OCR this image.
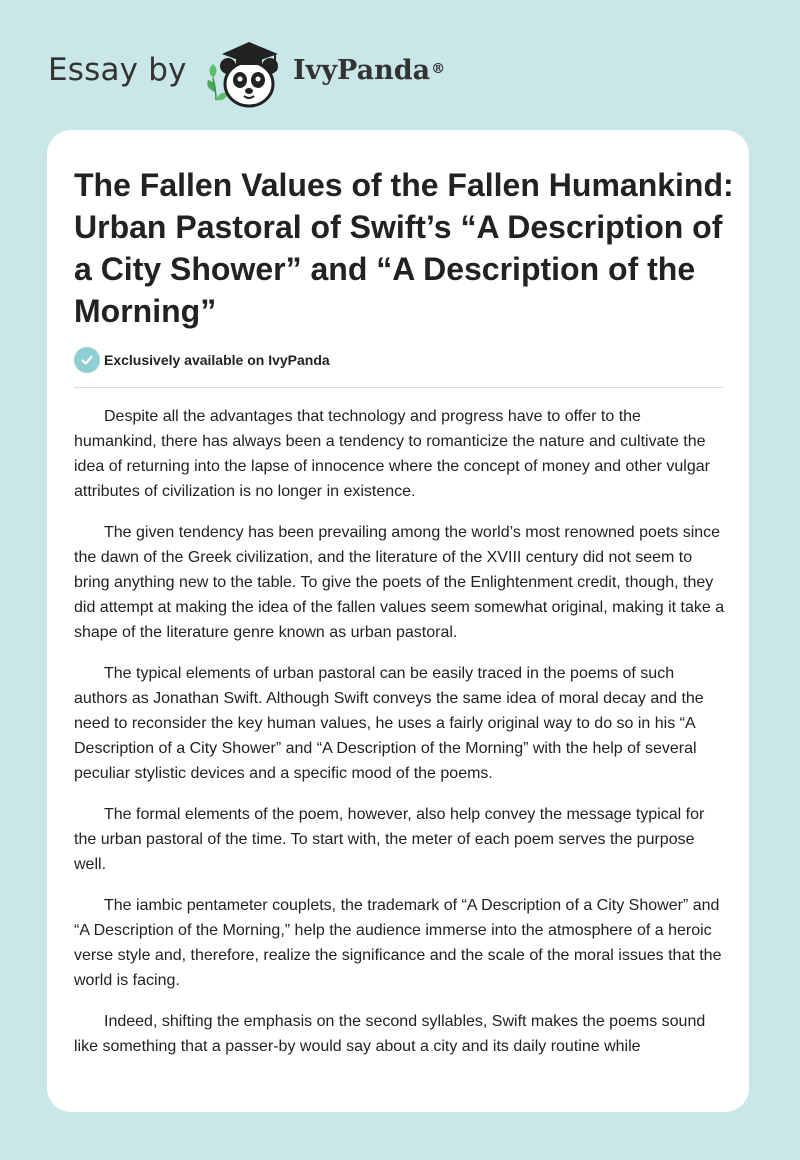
Essay by	IvyPanda®
The Fallen Values of the Fallen Humankind: Urban Pastoral of Swift’s “A Description of a City Shower” and “A Description of the Morning”
Exclusively available on IvyPanda

Despite all the advantages that technology and progress have to offer to the humankind, there has always been a tendency to romanticize the nature and cultivate the idea of returning into the lapse of innocence where the concept of money and other vulgar attributes of civilization is no longer in existence.

The given tendency has been prevailing among the world’s most renowned poets since the dawn of the Greek civilization, and the literature of the XVIII century did not seem to bring anything new to the table. To give the poets of the Enlightenment credit, though, they did attempt at making the idea of the fallen values seem somewhat original, making it take a shape of the literature genre known as urban pastoral.

The typical elements of urban pastoral can be easily traced in the poems of such authors as Jonathan Swift. Although Swift conveys the same idea of moral decay and the need to reconsider the key human values, he uses a fairly original way to do so in his “A Description of a City Shower” and “A Description of the Morning” with the help of several peculiar stylistic devices and a specific mood of the poems.

The formal elements of the poem, however, also help convey the message typical for the urban pastoral of the time. To start with, the meter of each poem serves the purpose well.

The iambic pentameter couplets, the trademark of “A Description of a City Shower” and “A Description of the Morning,” help the audience immerse into the atmosphere of a heroic verse style and, therefore, realize the significance and the scale of the moral issues that the world is facing.

Indeed, shifting the emphasis on the second syllables, Swift makes the poems sound like something that a passer-by would say about a city and its daily routine while
